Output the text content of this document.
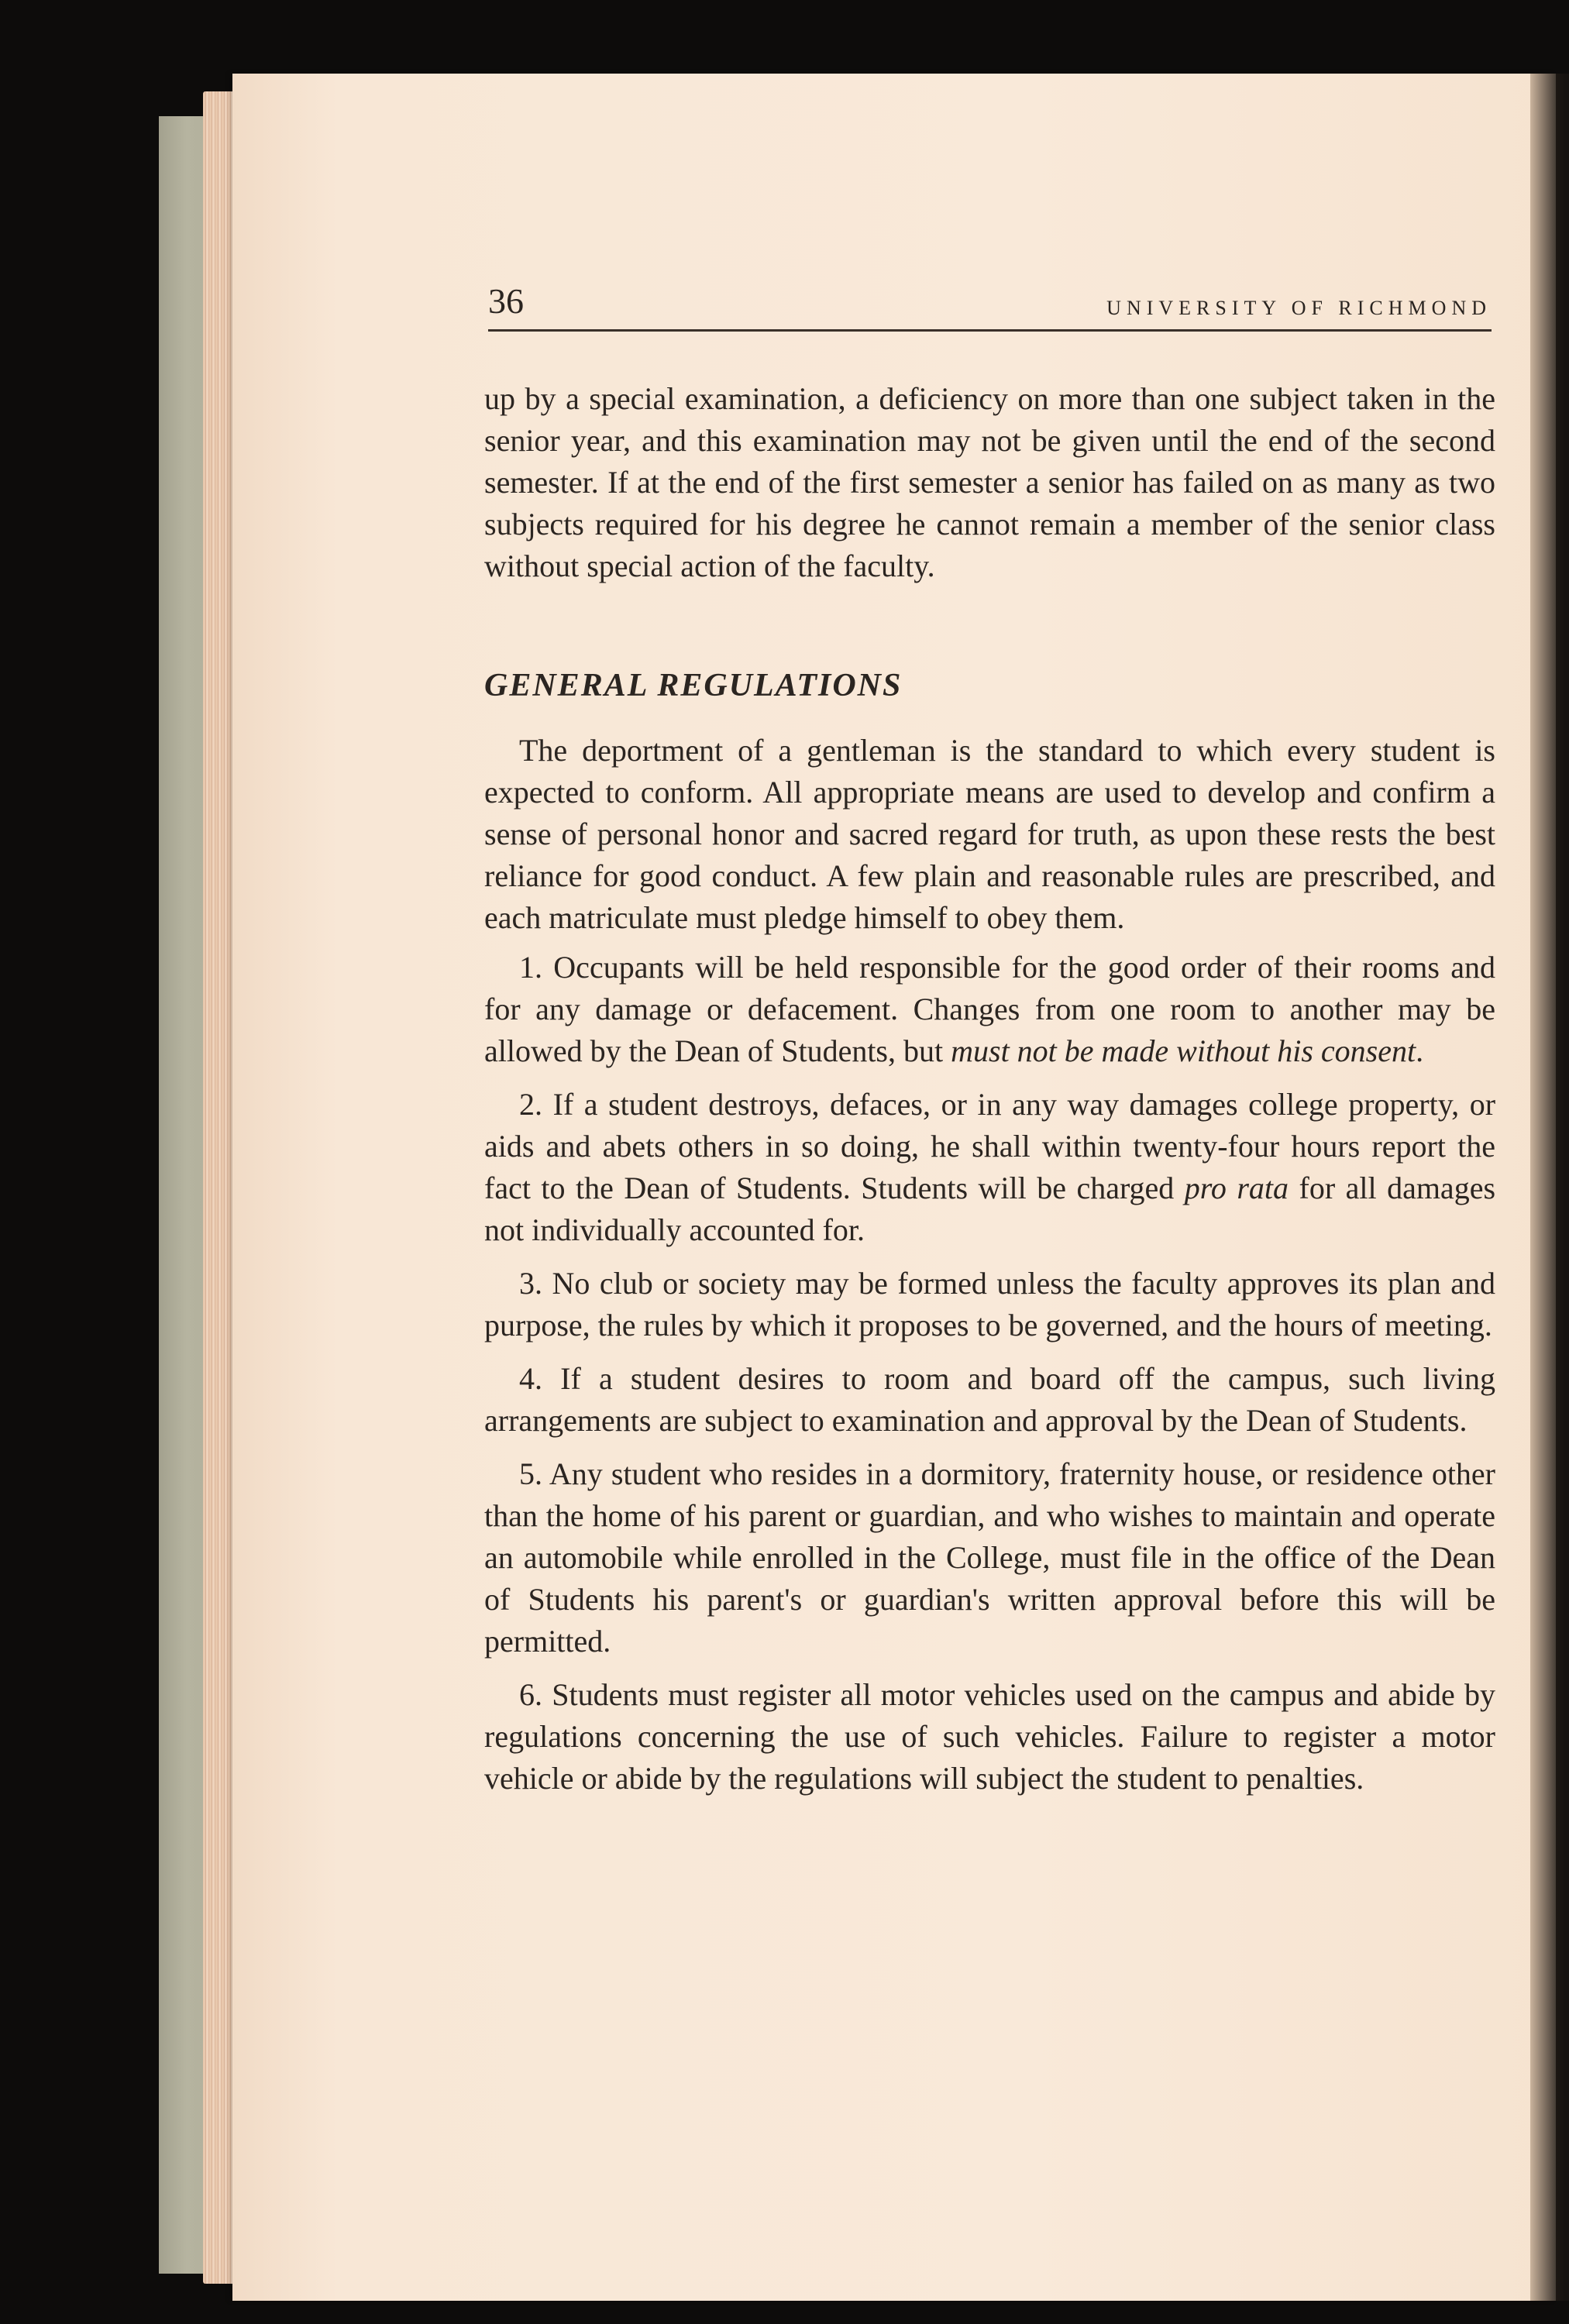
36	UNIVERSITY OF RICHMOND

up by a special examination, a deficiency on more than one subject taken in the senior year, and this examination may not be given until the end of the second semester. If at the end of the first semester a senior has failed on as many as two subjects required for his degree he cannot remain a member of the senior class without special action of the faculty.

GENERAL REGULATIONS

The deportment of a gentleman is the standard to which every student is expected to conform. All appropriate means are used to develop and confirm a sense of personal honor and sacred regard for truth, as upon these rests the best reliance for good conduct. A few plain and reasonable rules are prescribed, and each matriculate must pledge himself to obey them.

1. Occupants will be held responsible for the good order of their rooms and for any damage or defacement. Changes from one room to another may be allowed by the Dean of Students, but must not be made without his consent.

2. If a student destroys, defaces, or in any way damages college property, or aids and abets others in so doing, he shall within twenty-four hours report the fact to the Dean of Students. Students will be charged pro rata for all damages not individually accounted for.

3. No club or society may be formed unless the faculty approves its plan and purpose, the rules by which it proposes to be governed, and the hours of meeting.

4. If a student desires to room and board off the campus, such living arrangements are subject to examination and approval by the Dean of Students.

5. Any student who resides in a dormitory, fraternity house, or residence other than the home of his parent or guardian, and who wishes to maintain and operate an automobile while enrolled in the College, must file in the office of the Dean of Students his parent's or guardian's written approval before this will be permitted.

6. Students must register all motor vehicles used on the campus and abide by regulations concerning the use of such vehicles. Failure to register a motor vehicle or abide by the regulations will subject the student to penalties.
